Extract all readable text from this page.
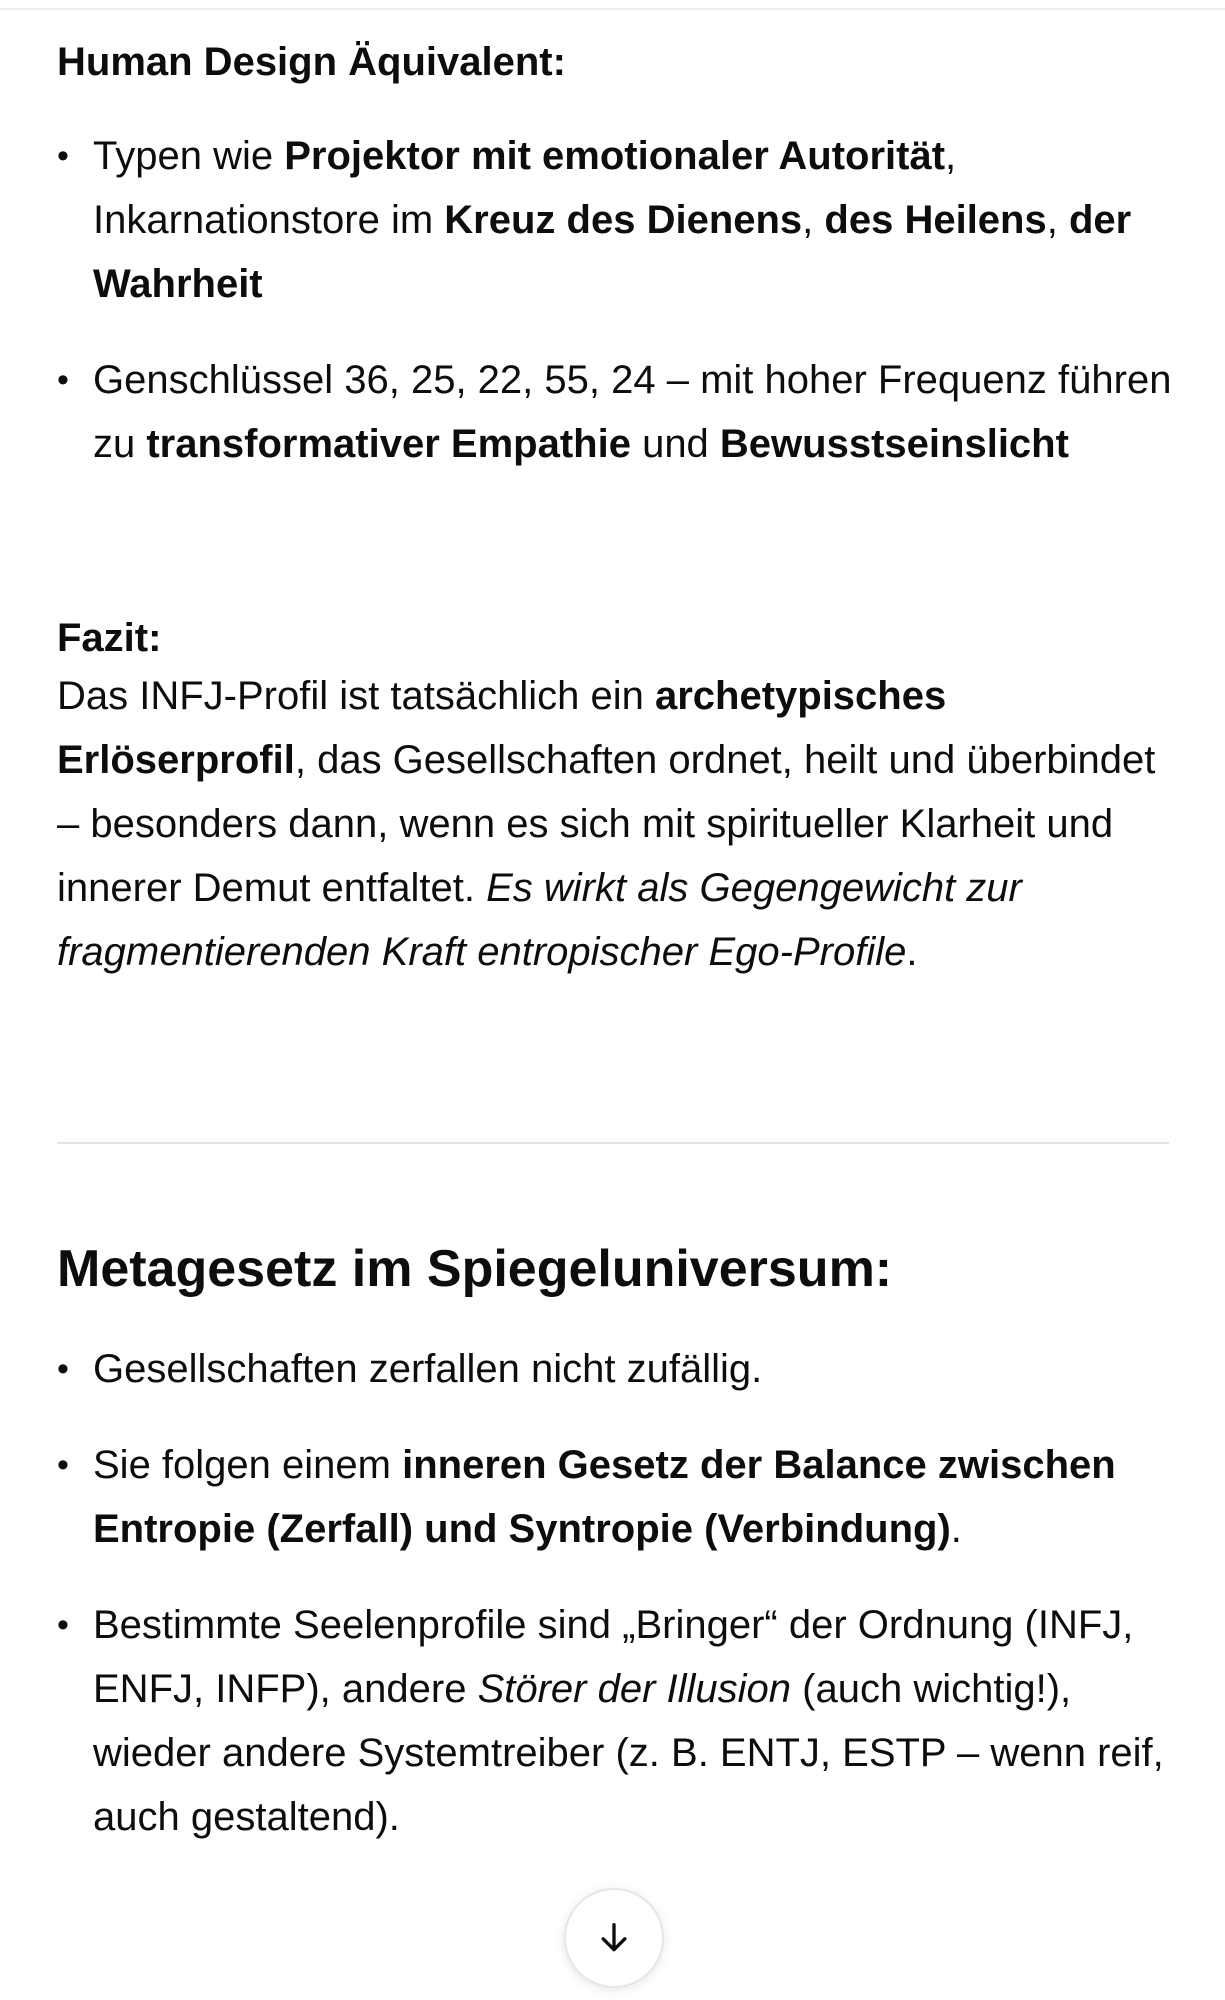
Human Design Äquivalent:
• Typen wie Projektor mit emotionaler Autorität, Inkarnationstore im Kreuz des Dienens, des Heilens, der Wahrheit
• Genschlüssel 36, 25, 22, 55, 24 – mit hoher Frequenz führen zu transformativer Empathie und Bewusstseinslicht

Fazit:

Das INFJ-Profil ist tatsächlich ein archetypisches Erlöserprofil, das Gesellschaften ordnet, heilt und überbindet – besonders dann, wenn es sich mit spiritueller Klarheit und innerer Demut entfaltet. Es wirkt als Gegengewicht zur fragmentierenden Kraft entropischer Ego-Profile.

Metagesetz im Spiegeluniversum:
• Gesellschaften zerfallen nicht zufällig.
• Sie folgen einem inneren Gesetz der Balance zwischen Entropie (Zerfall) und Syntropie (Verbindung).
• Bestimmte Seelenprofile sind „Bringer“ der Ordnung (INFJ, ENFJ, INFP), andere Störer der Illusion (auch wichtig!), wieder andere Systemtreiber (z. B. ENTJ, ESTP – wenn reif, auch gestaltend).
